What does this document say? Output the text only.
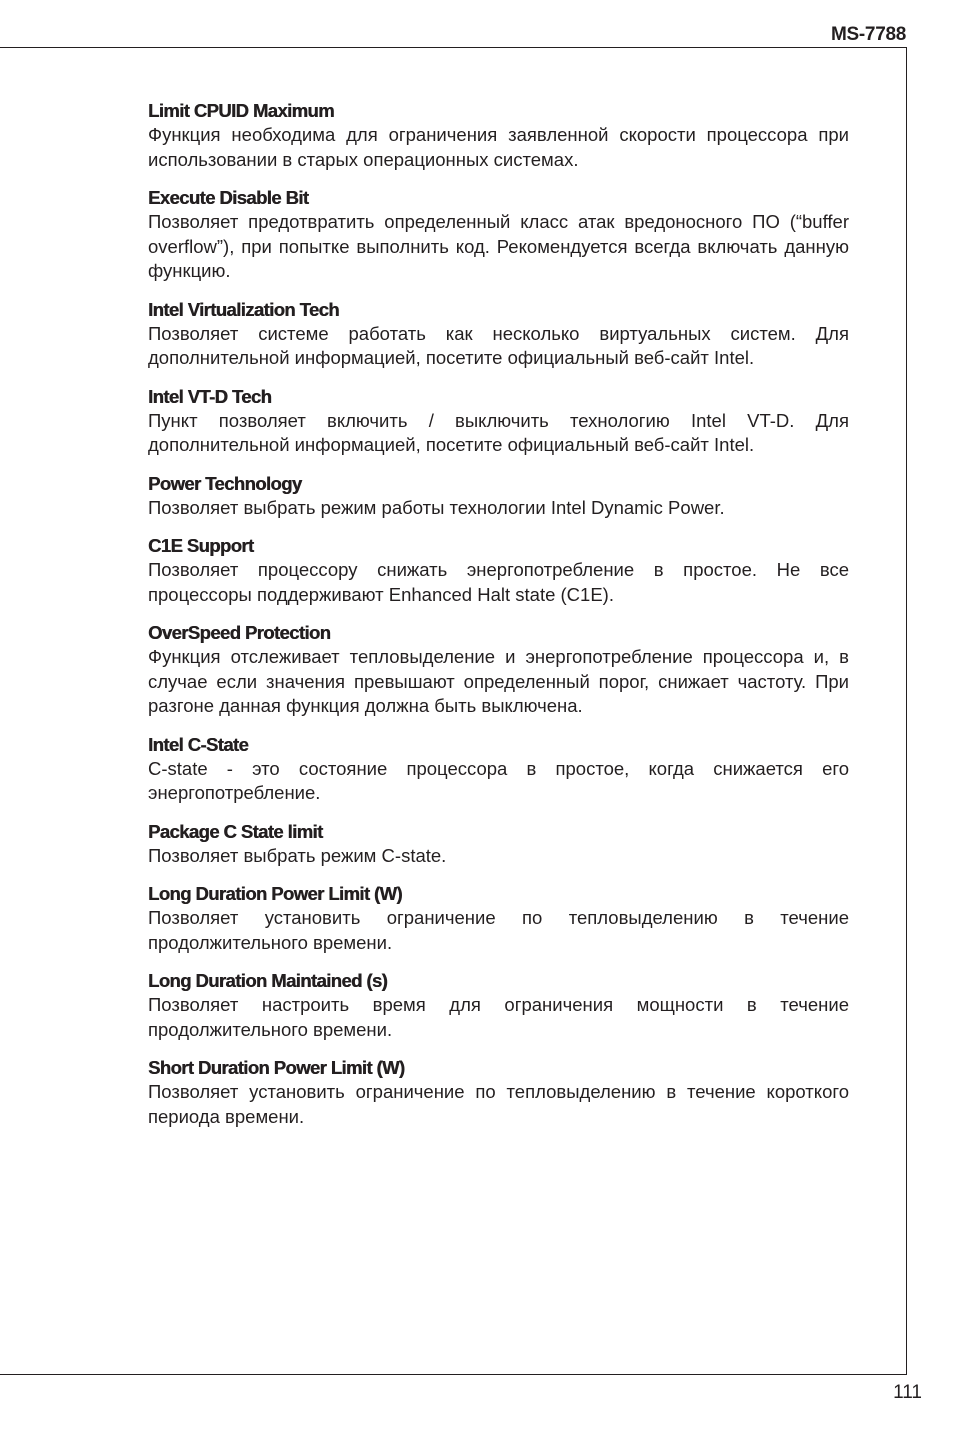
MS-7788

Limit CPUID Maximum

Функция необходима для ограничения заявленной скорости процессора при использовании в старых операционных системах.

Execute Disable Bit

Позволяет предотвратить определенный класс атак вредоносного ПО (“buffer overflow”), при попытке выполнить код. Рекомендуется всегда включать данную функцию.

Intel Virtualization Tech

Позволяет системе работать как несколько виртуальных систем. Для дополнительной информацией, посетите официальный веб-сайт Intel.

Intel VT-D Tech

Пункт позволяет включить / выключить технологию Intel VT-D. Для дополнительной информацией, посетите официальный веб-сайт Intel.

Power Technology

Позволяет выбрать режим работы технологии Intel Dynamic Power.

C1E Support

Позволяет процессору снижать энергопотребление в простое. Не все процессоры поддерживают Enhanced Halt state (C1E).

OverSpeed Protection

Функция отслеживает тепловыделение и энергопотребление процессора и, в случае если значения превышают определенный порог, снижает частоту. При разгоне данная функция должна быть выключена.

Intel C-State

C-state - это состояние процессора в простое, когда снижается его энергопотребление.

Package C State limit

Позволяет выбрать режим C-state.

Long Duration Power Limit (W)

Позволяет установить ограничение по тепловыделению в течение продолжительного времени.

Long Duration Maintained (s)

Позволяет настроить время для ограничения мощности в течение продолжительного времени.

Short Duration Power Limit (W)

Позволяет установить ограничение по тепловыделению в течение короткого периода времени.

111
